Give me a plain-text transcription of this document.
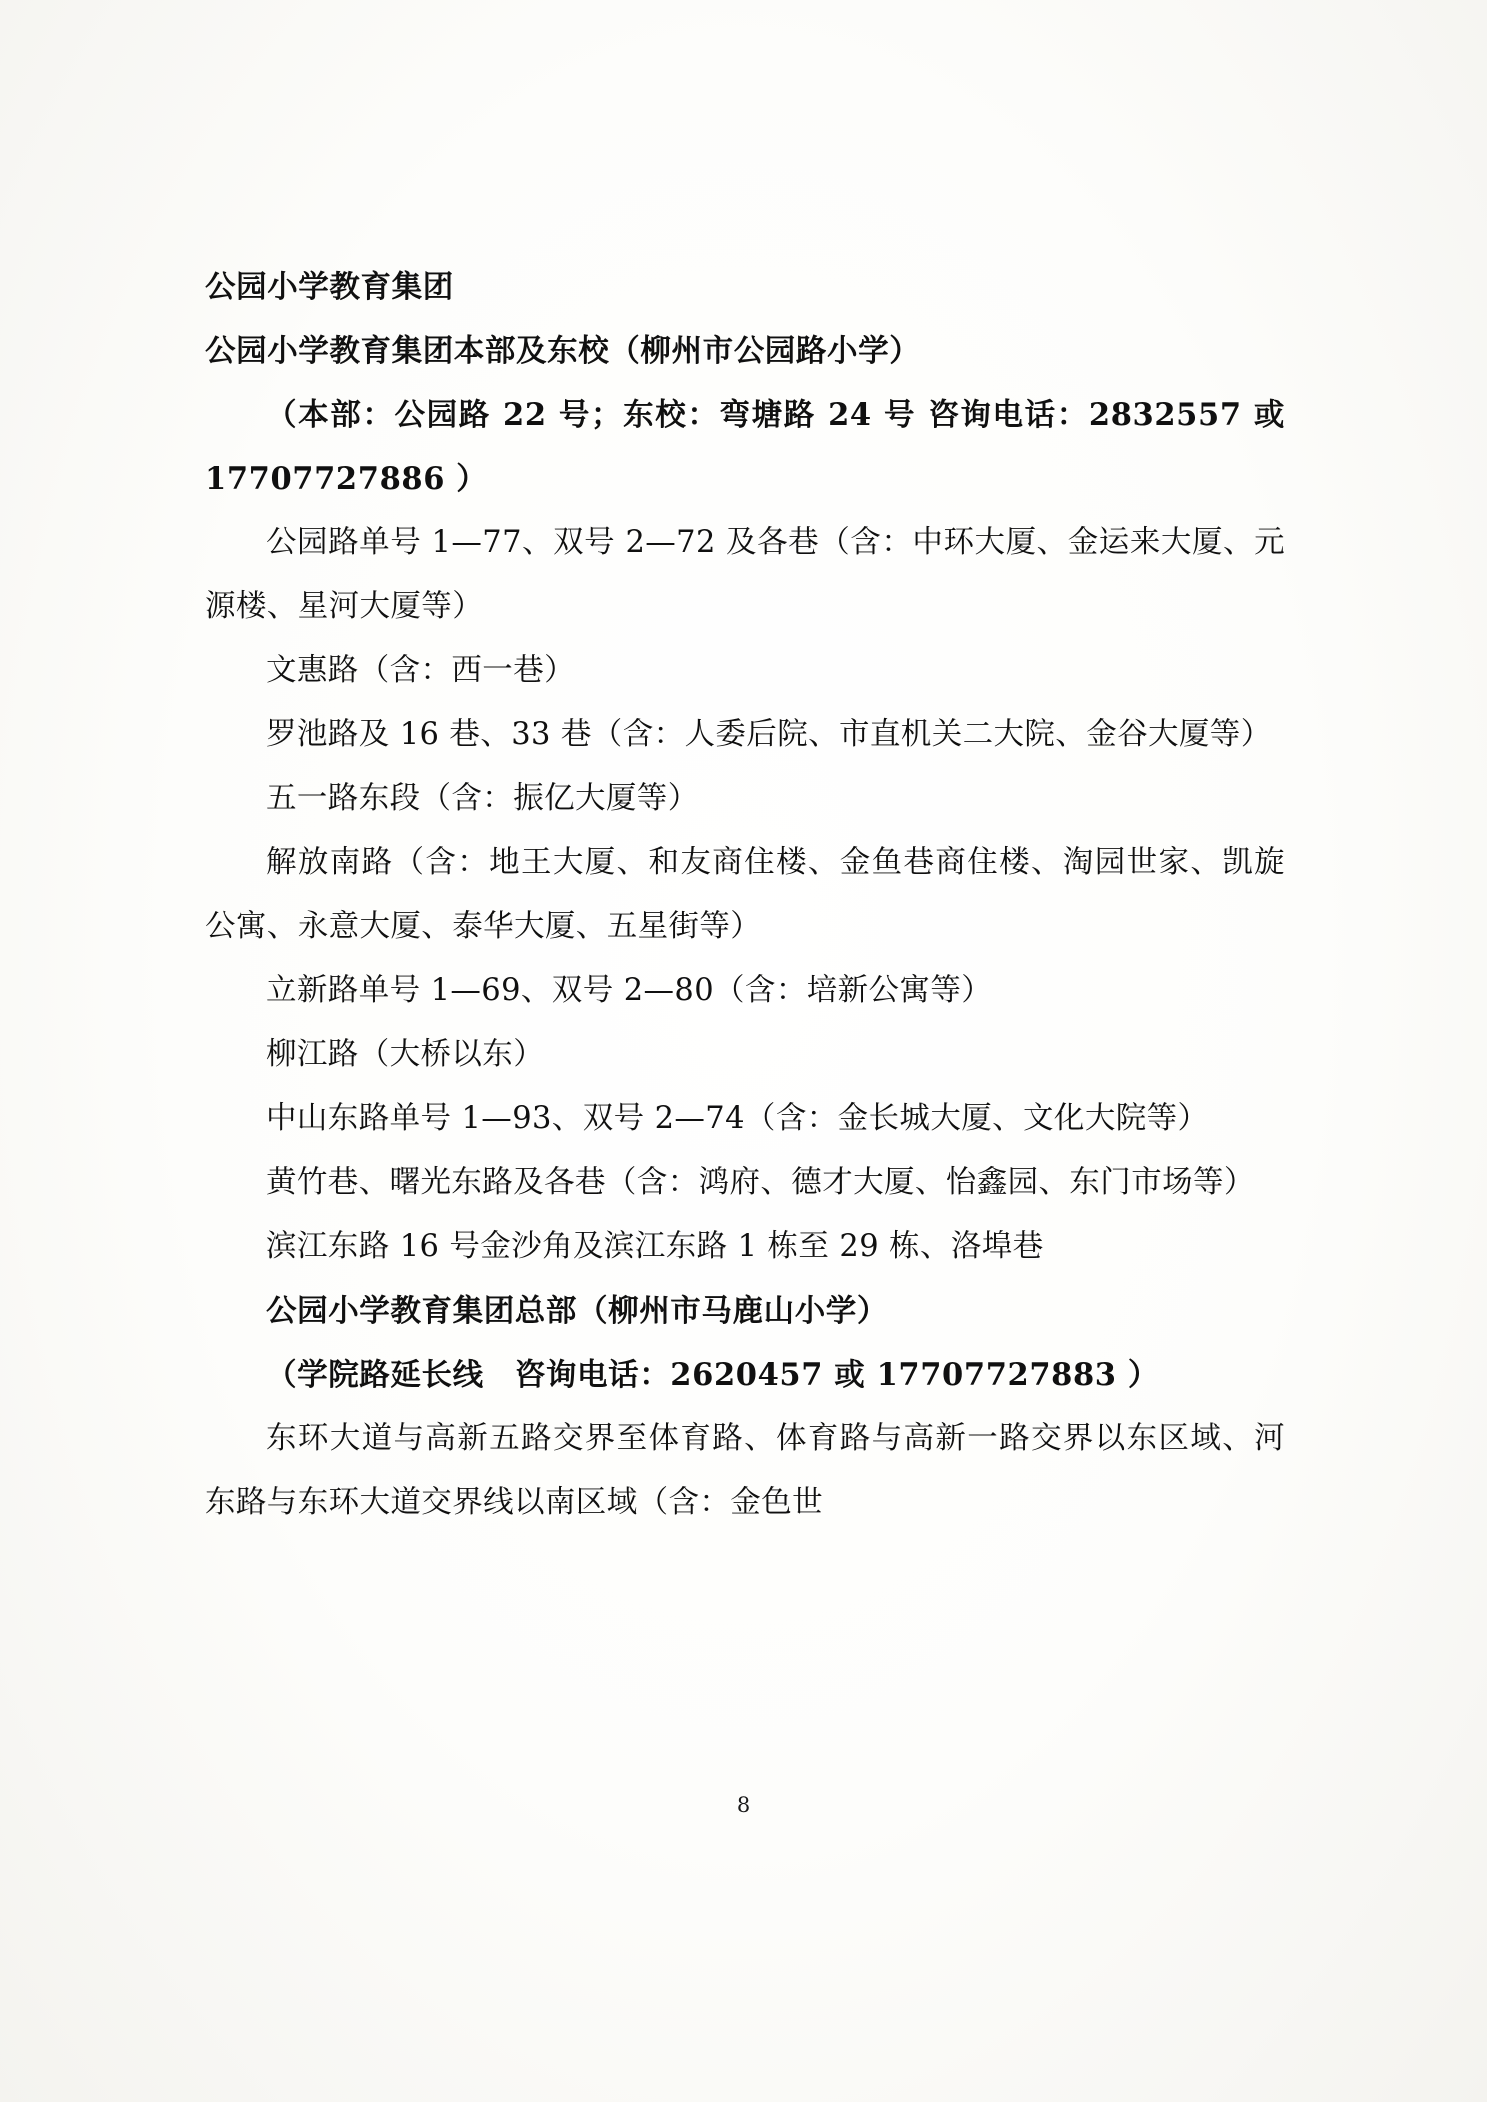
公园小学教育集团

公园小学教育集团本部及东校（柳州市公园路小学）

（本部：公园路 22 号；东校：弯塘路 24 号 咨询电话：2832557 或 17707727886 ）

公园路单号 1—77、双号 2—72 及各巷（含：中环大厦、金运来大厦、元源楼、星河大厦等）

文惠路（含：西一巷）

罗池路及 16 巷、33 巷（含：人委后院、市直机关二大院、金谷大厦等）

五一路东段（含：振亿大厦等）

解放南路（含：地王大厦、和友商住楼、金鱼巷商住楼、淘园世家、凯旋公寓、永意大厦、泰华大厦、五星街等）

立新路单号 1—69、双号 2—80（含：培新公寓等）

柳江路（大桥以东）

中山东路单号 1—93、双号 2—74（含：金长城大厦、文化大院等）

黄竹巷、曙光东路及各巷（含：鸿府、德才大厦、怡鑫园、东门市场等）

滨江东路 16 号金沙角及滨江东路 1 栋至 29 栋、洛埠巷

公园小学教育集团总部（柳州市马鹿山小学）

（学院路延长线　咨询电话：2620457 或 17707727883 ）

东环大道与高新五路交界至体育路、体育路与高新一路交界以东区域、河东路与东环大道交界线以南区域（含：金色世

8
